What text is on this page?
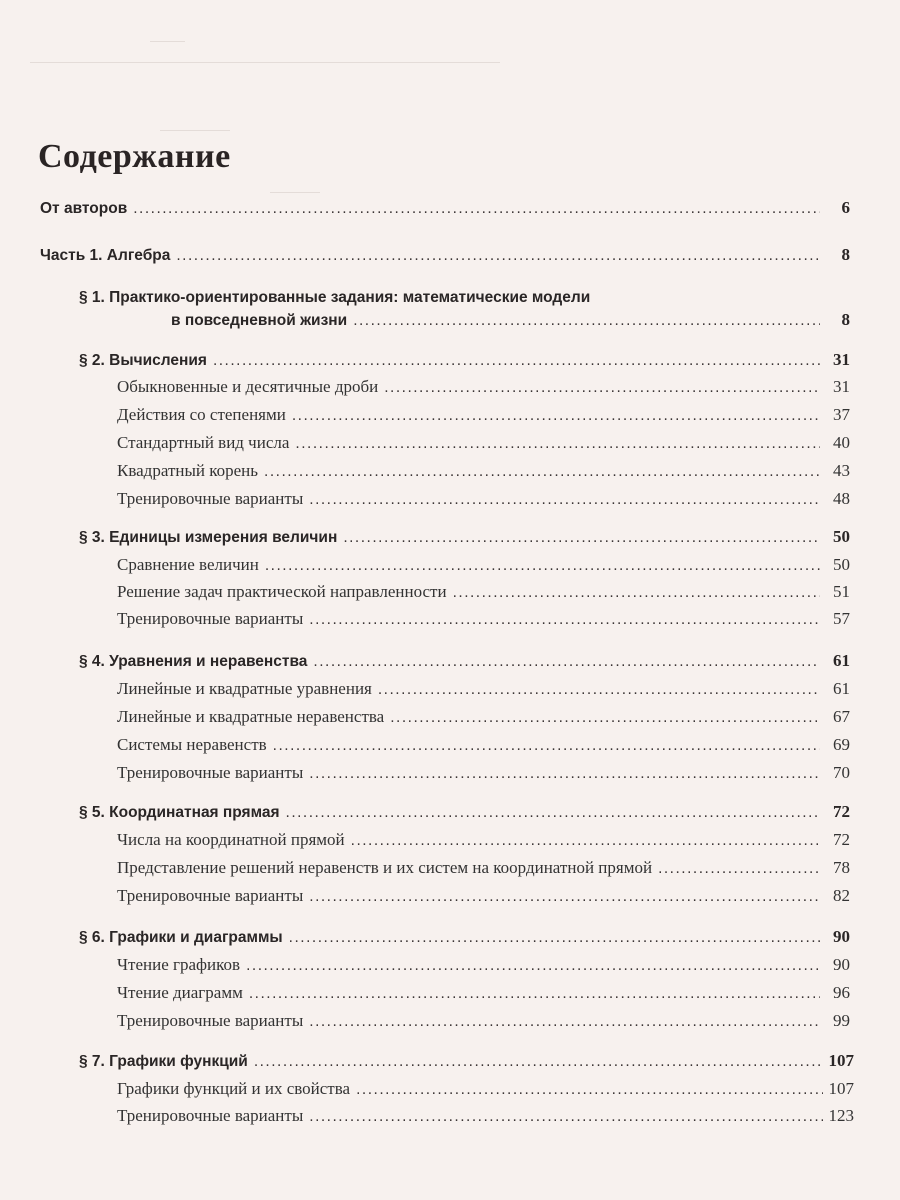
Содержание
От авторов .....	6
Часть 1. Алгебра .....	8
§ 1. Практико-ориентированные задания: математические модели
в повседневной жизни .....	8
§ 2. Вычисления .....	31
Обыкновенные и десятичные дроби .....	31
Действия со степенями .....	37
Стандартный вид числа .....	40
Квадратный корень .....	43
Тренировочные варианты .....	48
§ 3. Единицы измерения величин .....	50
Сравнение величин .....	50
Решение задач практической направленности .....	51
Тренировочные варианты .....	57
§ 4. Уравнения и неравенства .....	61
Линейные и квадратные уравнения .....	61
Линейные и квадратные неравенства .....	67
Системы неравенств .....	69
Тренировочные варианты .....	70
§ 5. Координатная прямая .....	72
Числа на координатной прямой .....	72
Представление решений неравенств и их систем на координатной прямой .....	78
Тренировочные варианты .....	82
§ 6. Графики и диаграммы .....	90
Чтение графиков .....	90
Чтение диаграмм .....	96
Тренировочные варианты .....	99
§ 7. Графики функций .....	107
Графики функций и их свойства .....	107
Тренировочные варианты .....	123
